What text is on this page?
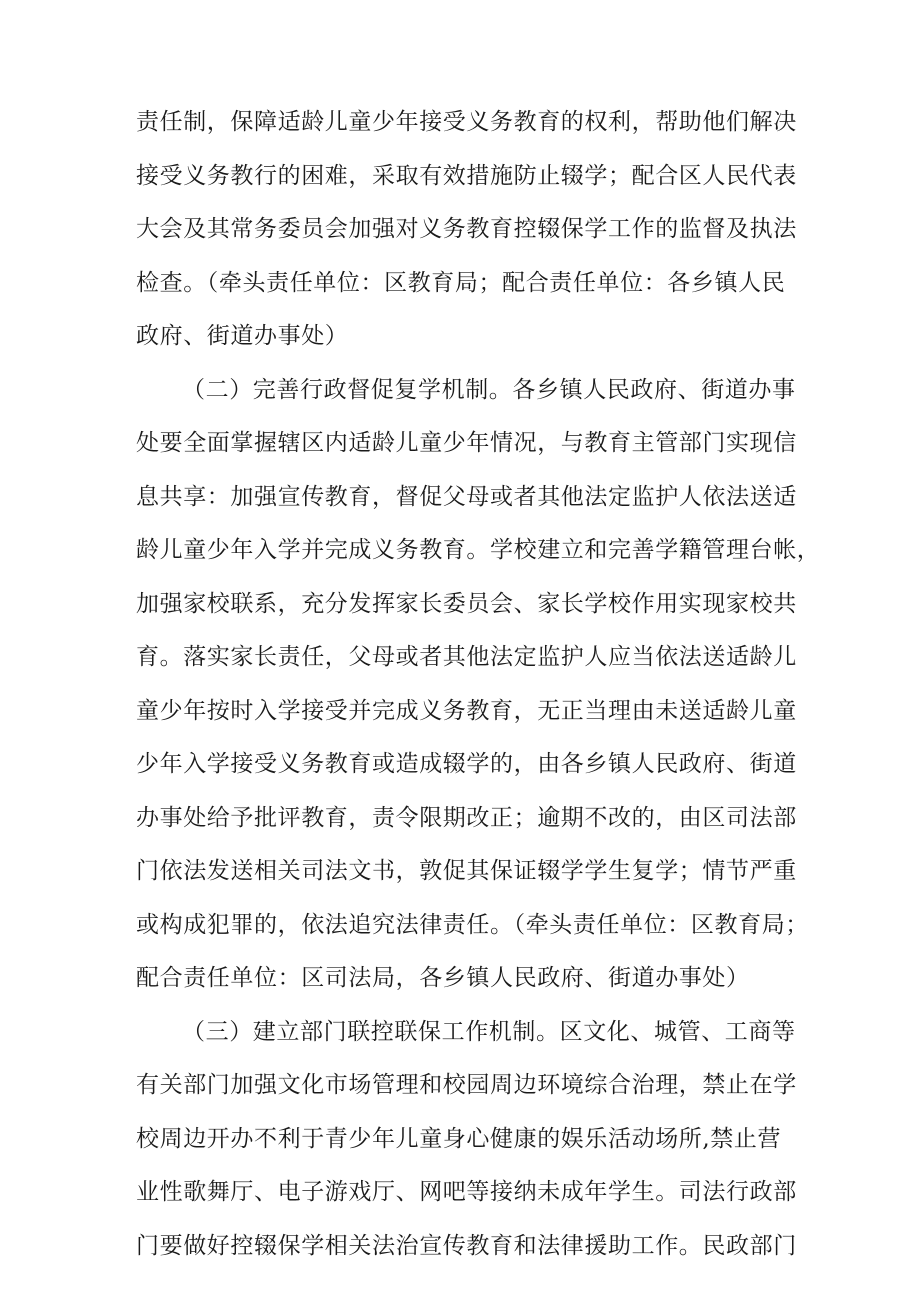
责任制，保障适龄儿童少年接受义务教育的权利，帮助他们解决
接受义务教行的困难，采取有效措施防止辍学；配合区人民代表
大会及其常务委员会加强对义务教育控辍保学工作的监督及执法
检查。（牵头责任单位：区教育局；配合责任单位：各乡镇人民
政府、街道办事处）
（二）完善行政督促复学机制。各乡镇人民政府、街道办事
处要全面掌握辖区内适龄儿童少年情况，与教育主管部门实现信
息共享：加强宣传教育，督促父母或者其他法定监护人依法送适
龄儿童少年入学并完成义务教育。学校建立和完善学籍管理台帐，
加强家校联系，充分发挥家长委员会、家长学校作用实现家校共
育。落实家长责任，父母或者其他法定监护人应当依法送适龄儿
童少年按时入学接受并完成义务教育，无正当理由未送适龄儿童
少年入学接受义务教育或造成辍学的，由各乡镇人民政府、街道
办事处给予批评教育，责令限期改正；逾期不改的，由区司法部
门依法发送相关司法文书，敦促其保证辍学学生复学；情节严重
或构成犯罪的，依法追究法律责任。（牵头责任单位：区教育局；
配合责任单位：区司法局，各乡镇人民政府、街道办事处）
（三）建立部门联控联保工作机制。区文化、城管、工商等
有关部门加强文化市场管理和校园周边环境综合治理，禁止在学
校周边开办不利于青少年儿童身心健康的娱乐活动场所,禁止营
业性歌舞厅、电子游戏厅、网吧等接纳未成年学生。司法行政部
门要做好控辍保学相关法治宣传教育和法律援助工作。民政部门
